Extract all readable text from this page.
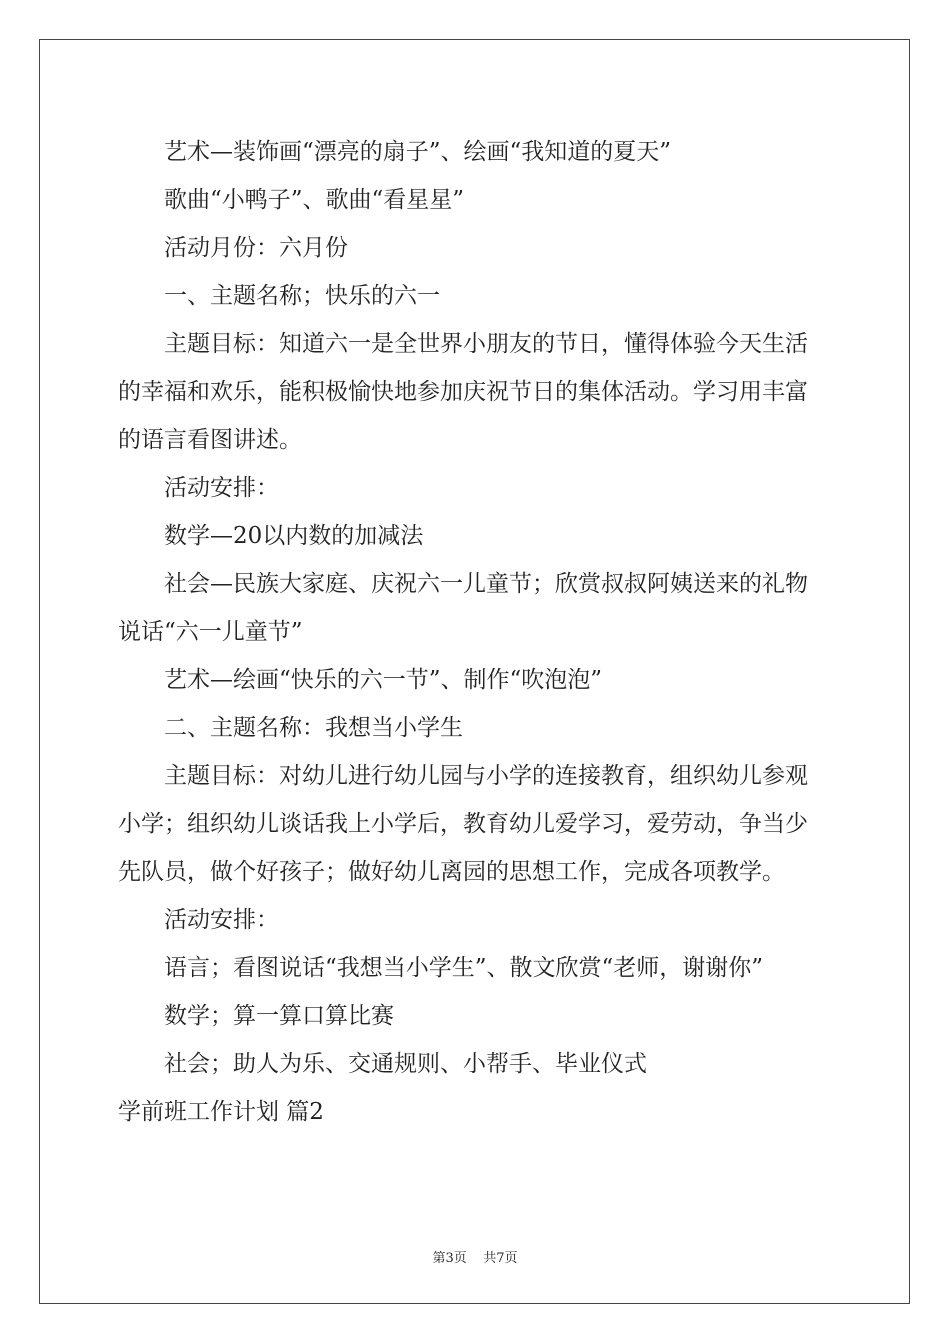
艺术—装饰画“漂亮的扇子”、绘画“我知道的夏天”
歌曲“小鸭子”、歌曲“看星星”
活动月份：六月份
一、主题名称；快乐的六一
主题目标：知道六一是全世界小朋友的节日，懂得体验今天生活
的幸福和欢乐，能积极愉快地参加庆祝节日的集体活动。学习用丰富
的语言看图讲述。
活动安排：
数学—20以内数的加减法
社会—民族大家庭、庆祝六一儿童节；欣赏叔叔阿姨送来的礼物
说话“六一儿童节”
艺术—绘画“快乐的六一节”、制作“吹泡泡”
二、主题名称：我想当小学生
主题目标：对幼儿进行幼儿园与小学的连接教育，组织幼儿参观
小学；组织幼儿谈话我上小学后，教育幼儿爱学习，爱劳动，争当少
先队员，做个好孩子；做好幼儿离园的思想工作，完成各项教学。
活动安排：
语言；看图说话“我想当小学生”、散文欣赏“老师，谢谢你”
数学；算一算口算比赛
社会；助人为乐、交通规则、小帮手、毕业仪式
学前班工作计划 篇2
第3页 共7页
